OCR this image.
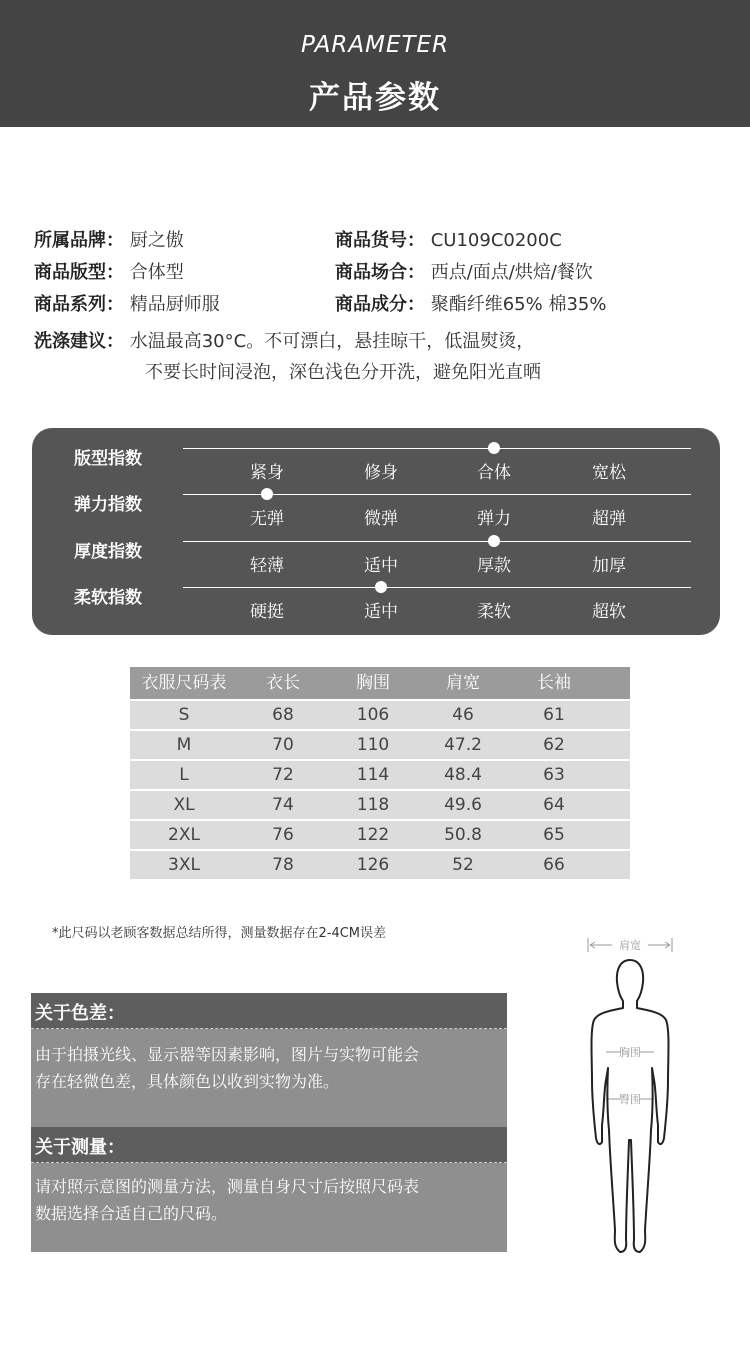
PARAMETER
产品参数
所属品牌： 厨之傲	商品货号： CU109C0200C
商品版型： 合体型	商品场合： 西点/面点/烘焙/餐饮
商品系列： 精品厨师服	商品成分： 聚酯纤维65% 棉35%
洗涤建议： 水温最高30°C。不可漂白，悬挂晾干，低温熨烫，
不要长时间浸泡，深色浅色分开洗，避免阳光直晒
版型指数
紧身	修身	合体	宽松
弹力指数
无弹	微弹	弹力	超弹
厚度指数
轻薄	适中	厚款	加厚
柔软指数
硬挺	适中	柔软	超软
衣服尺码表	衣长	胸围	肩宽	长袖
S	68	106	46	61
M	70	110	47.2	62
L	72	114	48.4	63
XL	74	118	49.6	64
2XL	76	122	50.8	65
3XL	78	126	52	66
*此尺码以老顾客数据总结所得，测量数据存在2-4CM误差
关于色差：
由于拍摄光线、显示器等因素影响，图片与实物可能会
存在轻微色差，具体颜色以收到实物为准。
关于测量：
请对照示意图的测量方法，测量自身尺寸后按照尺码表
数据选择合适自己的尺码。
肩宽
胸围
臀围
